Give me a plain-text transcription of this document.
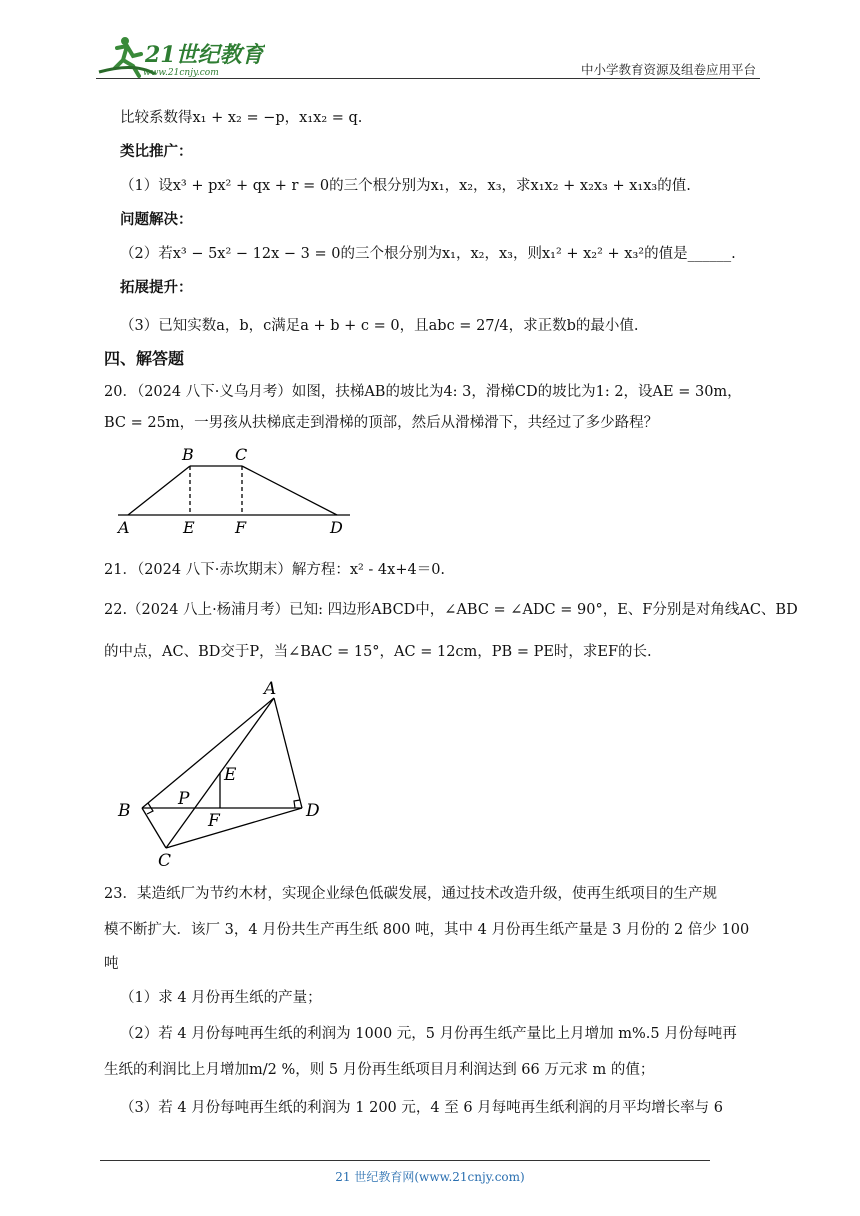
21世纪教育
www.21cnjy.com	中小学教育资源及组卷应用平台
比较系数得x₁ + x₂ = −p，x₁x₂ = q.
类比推广：
（1）设x³ + px² + qx + r = 0的三个根分别为x₁，x₂，x₃，求x₁x₂ + x₂x₃ + x₁x₃的值.
问题解决：
（2）若x³ − 5x² − 12x − 3 = 0的三个根分别为x₁，x₂，x₃，则x₁² + x₂² + x₃²的值是______.
拓展提升：
（3）已知实数a，b，c满足a + b + c = 0，且abc = 27/4，求正数b的最小值.
四、解答题
20．（2024 八下·义乌月考）如图，扶梯AB的坡比为4: 3，滑梯CD的坡比为1: 2，设AE = 30m，
BC = 25m，一男孩从扶梯底走到滑梯的顶部，然后从滑梯滑下，共经过了多少路程？
A	E	F	D
B	C
21．（2024 八下·赤坎期末）解方程：x² - 4x+4＝0.
22.（2024 八上·杨浦月考）已知: 四边形ABCD中，∠ABC = ∠ADC = 90°，E、F分别是对角线AC、BD
的中点，AC、BD交于P，当∠BAC = 15°，AC = 12cm，PB = PE时，求EF的长.
A
B
C
D
E
F
P
23．某造纸厂为节约木材，实现企业绿色低碳发展，通过技术改造升级，使再生纸项目的生产规
模不断扩大．该厂 3，4 月份共生产再生纸 800 吨，其中 4 月份再生纸产量是 3 月份的 2 倍少 100
吨
（1）求 4 月份再生纸的产量；
（2）若 4 月份每吨再生纸的利润为 1000 元，5 月份再生纸产量比上月增加 m%.5 月份每吨再
生纸的利润比上月增加m/2 %，则 5 月份再生纸项目月利润达到 66 万元求 m 的值；
（3）若 4 月份每吨再生纸的利润为 1 200 元，4 至 6 月每吨再生纸利润的月平均增长率与 6
21 世纪教育网(www.21cnjy.com)
